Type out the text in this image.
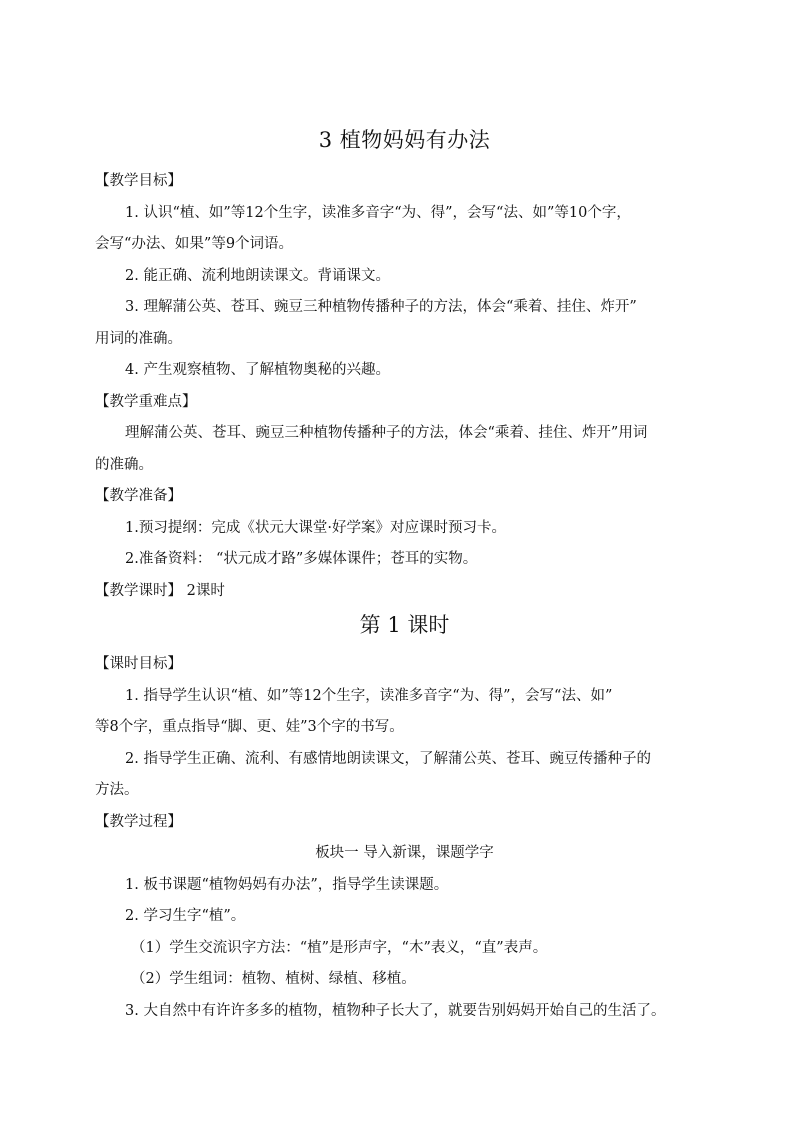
3 植物妈妈有办法

【教学目标】

1. 认识“植、如”等12个生字，读准多音字“为、得”，会写“法、如”等10个字，

会写“办法、如果”等9个词语。

2. 能正确、流利地朗读课文。背诵课文。

3. 理解蒲公英、苍耳、豌豆三种植物传播种子的方法，体会“乘着、挂住、炸开”

用词的准确。

4. 产生观察植物、了解植物奥秘的兴趣。

【教学重难点】

理解蒲公英、苍耳、豌豆三种植物传播种子的方法，体会“乘着、挂住、炸开”用词

的准确。

【教学准备】

1.预习提纲：完成《状元大课堂·好学案》对应课时预习卡。

2.准备资料： “状元成才路”多媒体课件；苍耳的实物。

【教学课时】 2课时

第 1 课时

【课时目标】

1. 指导学生认识“植、如”等12个生字，读准多音字“为、得”，会写“法、如”

等8个字，重点指导“脚、更、娃”3个字的书写。

2. 指导学生正确、流利、有感情地朗读课文，了解蒲公英、苍耳、豌豆传播种子的

方法。

【教学过程】

板块一 导入新课，课题学字

1. 板书课题“植物妈妈有办法”，指导学生读课题。

2. 学习生字“植”。

（1）学生交流识字方法：“植”是形声字，“木”表义，“直”表声。

（2）学生组词：植物、植树、绿植、移植。

3. 大自然中有许许多多的植物，植物种子长大了，就要告别妈妈开始自己的生活了。
